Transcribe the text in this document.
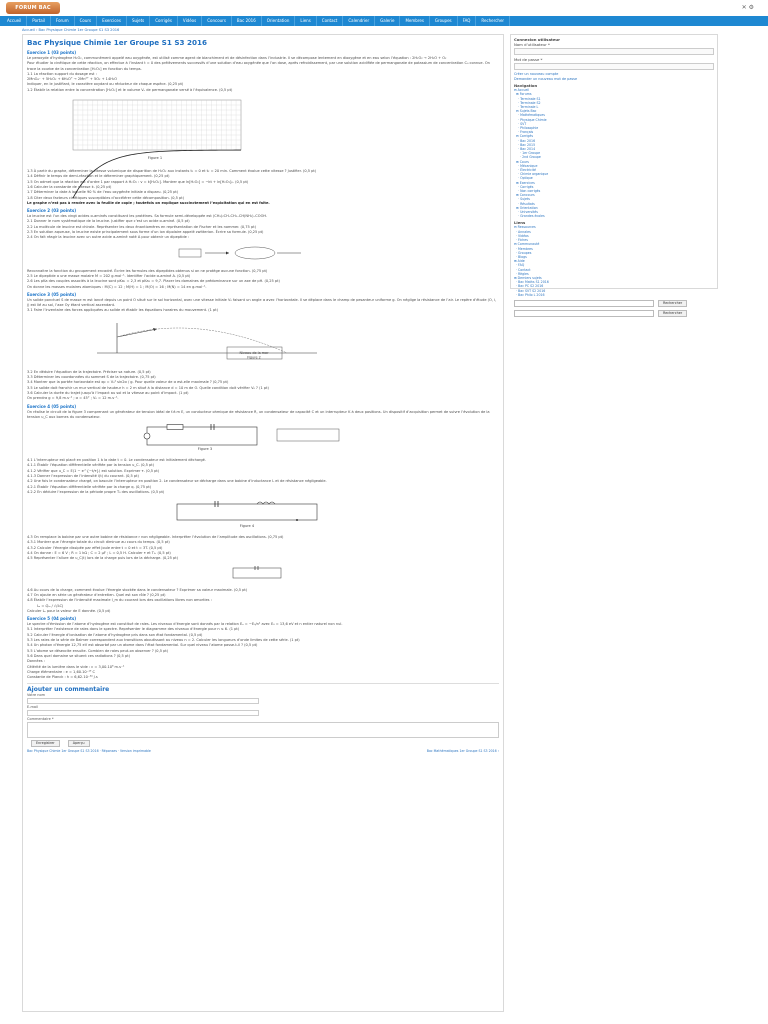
FORUM BAC	✕ ⚙
Accueil	Portail	Forum	Cours	Exercices	Sujets	Corrigés	Vidéos	Concours	Bac 2016	Orientation	Liens	Contact	Calendrier	Galerie	Membres	Groupes	FAQ	Rechercher
Accueil › Bac Physique Chimie 1er Groupe S1 S3 2016
Bac Physique Chimie 1er Groupe S1 S3 2016
Exercice 1 (03 points)

Le peroxyde d’hydrogène H₂O₂, communément appelé eau oxygénée, est utilisé comme agent de blanchiment et de désinfection dans l’industrie. Il se décompose lentement en dioxygène et en eau selon l’équation : 2H₂O₂ → 2H₂O + O₂

Pour étudier la cinétique de cette réaction, on effectue à l’instant t = 0 des prélèvements successifs d’une solution d’eau oxygénée que l’on dose, après refroidissement, par une solution acidifiée de permanganate de potassium de concentration C₀ connue. On trace la courbe de la concentration [H₂O₂] en fonction du temps.
1.1 La réaction support du dosage est :
2MnO₄⁻ + 5H₂O₂ + 6H₃O⁺ → 2Mn²⁺ + 5O₂ + 14H₂O
Indiquer, en le justifiant, le caractère oxydant ou réducteur de chaque espèce. (0,25 pt)
1.2 Établir la relation entre la concentration [H₂O₂] et le volume Vₑ de permanganate versé à l’équivalence. (0,5 pt)

Figure 1

1.3 À partir du graphe, déterminer la vitesse volumique de disparition de H₂O₂ aux instants t₁ = 0 et t₂ = 20 min. Comment évolue cette vitesse ? Justifier. (0,5 pt)
1.4 Définir le temps de demi-réaction et le déterminer graphiquement. (0,25 pt)
1.5 On admet que la réaction est d’ordre 1 par rapport à H₂O₂ : v = k[H₂O₂]. Montrer que ln[H₂O₂] = −kt + ln[H₂O₂]₀. (0,5 pt)
1.6 Calculer la constante de vitesse k. (0,25 pt)
1.7 Déterminer la date à laquelle 90 % de l’eau oxygénée initiale a disparu. (0,25 pt)
1.8 Citer deux facteurs cinétiques susceptibles d’accélérer cette décomposition. (0,5 pt)

Le graphe n’est pas à rendre avec la feuille de copie ; toutefois on explique succinctement l’exploitation qui en est faite.

Exercice 2 (03 points)

La leucine est l’un des vingt acides α-aminés constituant les protéines. Sa formule semi-développée est (CH₃)₂CH–CH₂–CH(NH₂)–COOH.
2.1 Donner le nom systématique de la leucine. Justifier que c’est un acide α-aminé. (0,5 pt)
2.2 La molécule de leucine est chirale. Représenter les deux énantiomères en représentation de Fischer et les nommer. (0,75 pt)
2.3 En solution aqueuse, la leucine existe principalement sous forme d’un ion dipolaire appelé zwitterion. Écrire sa formule. (0,25 pt)
2.4 On fait réagir la leucine avec un autre acide α-aminé noté A pour obtenir un dipeptide :

Reconnaitre la fonction du groupement encadré. Écrire les formules des dipeptides obtenus si on ne protège aucune fonction. (0,75 pt)
2.5 Le dipeptide a une masse molaire M = 202 g.mol⁻¹. Identifier l’acide α-aminé A. (0,5 pt)
2.6 Les pKa des couples associés à la leucine sont pKa₁ = 2,3 et pKa₂ = 9,7. Placer les domaines de prédominance sur un axe de pH. (0,25 pt)
On donne les masses molaires atomiques : M(C) = 12 ; M(H) = 1 ; M(O) = 16 ; M(N) = 14 en g.mol⁻¹.

Exercice 3 (05 points)

Un solide ponctuel S de masse m est lancé depuis un point O situé sur le sol horizontal, avec une vitesse initiale V₀ faisant un angle α avec l’horizontale. Il se déplace dans le champ de pesanteur uniforme g. On néglige la résistance de l’air. Le repère d’étude (O, i, j) est lié au sol, l’axe Oy étant vertical ascendant.
3.1 Faire l’inventaire des forces appliquées au solide et établir les équations horaires du mouvement. (1 pt)

Niveau de la mer
Figure 2

3.2 En déduire l’équation de la trajectoire. Préciser sa nature. (0,5 pt)
3.3 Déterminer les coordonnées du sommet S de la trajectoire. (0,75 pt)
3.4 Montrer que la portée horizontale est xp = V₀² sin2α / g. Pour quelle valeur de α est-elle maximale ? (0,75 pt)
3.5 Le solide doit franchir un mur vertical de hauteur h = 2 m situé à la distance d = 10 m de O. Quelle condition doit vérifier V₀ ? (1 pt)
3.6 Calculer la durée du trajet jusqu’à l’impact au sol et la vitesse au point d’impact. (1 pt)
On prendra g = 9,8 m.s⁻² ; α = 45° ; V₀ = 12 m.s⁻¹.

Exercice 4 (05 points)

On réalise le circuit de la figure 3 comprenant un générateur de tension idéal de f.é.m E, un conducteur ohmique de résistance R, un condensateur de capacité C et un interrupteur K à deux positions. Un dispositif d’acquisition permet de suivre l’évolution de la tension u_C aux bornes du condensateur.

Figure 3

4.1 L’interrupteur est placé en position 1 à la date t = 0. Le condensateur est initialement déchargé.
4.1.1 Établir l’équation différentielle vérifiée par la tension u_C. (0,5 pt)
4.1.2 Vérifier que u_C = E(1 − e^{−t/τ}) est solution. Exprimer τ. (0,5 pt)
4.1.3 Donner l’expression de l’intensité i(t) du courant. (0,5 pt)
4.2 Une fois le condensateur chargé, on bascule l’interrupteur en position 2. Le condensateur se décharge dans une bobine d’inductance L et de résistance négligeable.
4.2.1 Établir l’équation différentielle vérifiée par la charge q. (0,75 pt)
4.2.2 En déduire l’expression de la période propre T₀ des oscillations. (0,5 pt)

Figure 4

4.3 On remplace la bobine par une autre bobine de résistance r non négligeable. Interpréter l’évolution de l’amplitude des oscillations. (0,75 pt)
4.3.1 Montrer que l’énergie totale du circuit diminue au cours du temps. (0,5 pt)
4.3.2 Calculer l’énergie dissipée par effet Joule entre t = 0 et t = 3T. (0,5 pt)
4.4 On donne : E = 6 V ; R = 1 kΩ ; C = 2 μF ; L = 0,5 H. Calculer τ et T₀. (0,5 pt)
4.5 Représenter l’allure de u_C(t) lors de la charge puis lors de la décharge. (0,25 pt)

4.6 Au cours de la charge, comment évolue l’énergie stockée dans le condensateur ? Exprimer sa valeur maximale. (0,5 pt)
4.7 On ajoute en série un générateur d’entretien. Quel est son rôle ? (0,25 pt)
4.8 Établir l’expression de l’intensité maximale I_m du courant lors des oscillations libres non amorties :

Iₘ = Qₘ / √(LC)

Calculer Iₘ pour la valeur de E donnée. (0,5 pt)

Exercice 5 (04 points)

Le spectre d’émission de l’atome d’hydrogène est constitué de raies. Les niveaux d’énergie sont donnés par la relation Eₙ = −E₀/n² avec E₀ = 13,6 eV et n entier naturel non nul.
5.1 Interpréter l’existence de raies dans le spectre. Représenter le diagramme des niveaux d’énergie pour n ≤ 6. (1 pt)
5.2 Calculer l’énergie d’ionisation de l’atome d’hydrogène pris dans son état fondamental. (0,5 pt)
5.3 Les raies de la série de Balmer correspondent aux transitions aboutissant au niveau n = 2. Calculer les longueurs d’onde limites de cette série. (1 pt)
5.4 Un photon d’énergie 12,75 eV est absorbé par un atome dans l’état fondamental. Sur quel niveau l’atome passe-t-il ? (0,5 pt)
5.5 L’atome se désexcite ensuite. Combien de raies peut-on observer ? (0,5 pt)
5.6 Dans quel domaine se situent ces radiations ? (0,5 pt)
Données :
Célérité de la lumière dans le vide : c = 3,00.10⁸ m.s⁻¹
Charge élémentaire : e = 1,60.10⁻¹⁹ C
Constante de Planck : h = 6,62.10⁻³⁴ J.s

Ajouter un commentaire
Votre nom
E-mail
Commentaire *
Enregistrer	Aperçu
Bac Physique Chimie 1er Groupe S1 S3 2016 · Réponses · Version imprimable	Bac Mathématiques 1er Groupe S1 S3 2016 ›
Connexion utilisateur
Nom d’utilisateur *
Mot de passe *
Créer un nouveau compte
Demander un nouveau mot de passe
Navigation
⊟ Accueil
⊞ Forums
· Terminale S1
· Terminale S2
· Terminale L
⊟ Sujets Bac
· Mathématiques
· Physique Chimie
· SVT
· Philosophie
· Français
⊟ Corrigés
· Bac 2016
· Bac 2015
· Bac 2014
· 1er Groupe
· 2nd Groupe
⊞ Cours
· Mécanique
· Électricité
· Chimie organique
· Optique
⊞ Exercices
· Corrigés
· Non corrigés
⊞ Concours
· Sujets
· Résultats
⊞ Orientation
· Universités
· Grandes écoles
Liens
⊟ Ressources
· Annales
· Vidéos
· Fiches
⊟ Communauté
· Membres
· Groupes
· Blogs
⊞ Aide
· FAQ
· Contact
· Règles
⊞ Derniers sujets
· Bac Maths S1 2016
· Bac PC S2 2016
· Bac SVT S2 2016
· Bac Philo L 2016
Rechercher
Rechercher
